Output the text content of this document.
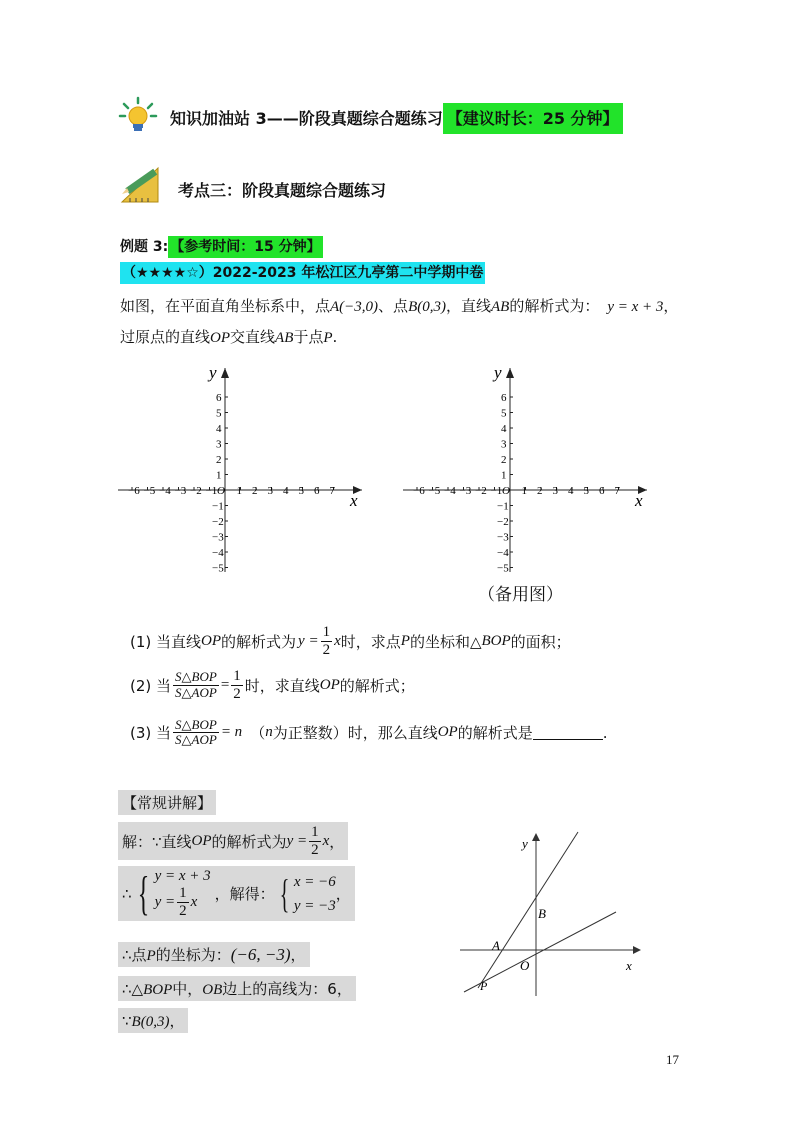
知识加油站 3——阶段真题综合题练习 【建议时长：25 分钟】
考点三：阶段真题综合题练习
例题 3: 【参考时间：15 分钟】
（★★★★☆）2022-2023 年松江区九亭第二中学期中卷
如图，在平面直角坐标系中，点A(−3,0)、点B(0,3)，直线AB的解析式为： y = x + 3，
过原点的直线OP交直线AB于点P.
−6 −5 −4 −3 −2 −1 O 1 2 3 4 5 6 7
6
5
4
3
2
1
−1
−2
−3
−4
−5
x
y
−6 −5 −4 −3 −2 −1 O 1 2 3 4 5 6 7
6
5
4
3
2
1
−1
−2
−3
−4
−5
x
y
（备用图）
(1) 当直线 OP 的解析式为 $y = \frac{1}{2}$ x 时，求点 P 的坐标和△ BOP 的面积；
(2) 当 $\frac{\text{S△BOP}}{\text{S△AOP}} = \frac{1}{2}$ 时，求直线 OP 的解析式；
(3) 当 $\frac{\text{S△BOP}}{\text{S△AOP}} = n$ （ n 为正整数）时，那么直线 OP 的解析式是	.
【常规讲解】
解：∵直线 OP 的解析式为 $y = \frac{1}{2}$ x ，
∴ { y = x + 3
$y = \frac{1}{2}$ x ，解得： { x = −6
y = −3
，
∴点P的坐标为：(−6, −3)，
∴△BOP中，OB边上的高线为：6，
∵B(0,3)，
y
x
B
A
O
P
17
